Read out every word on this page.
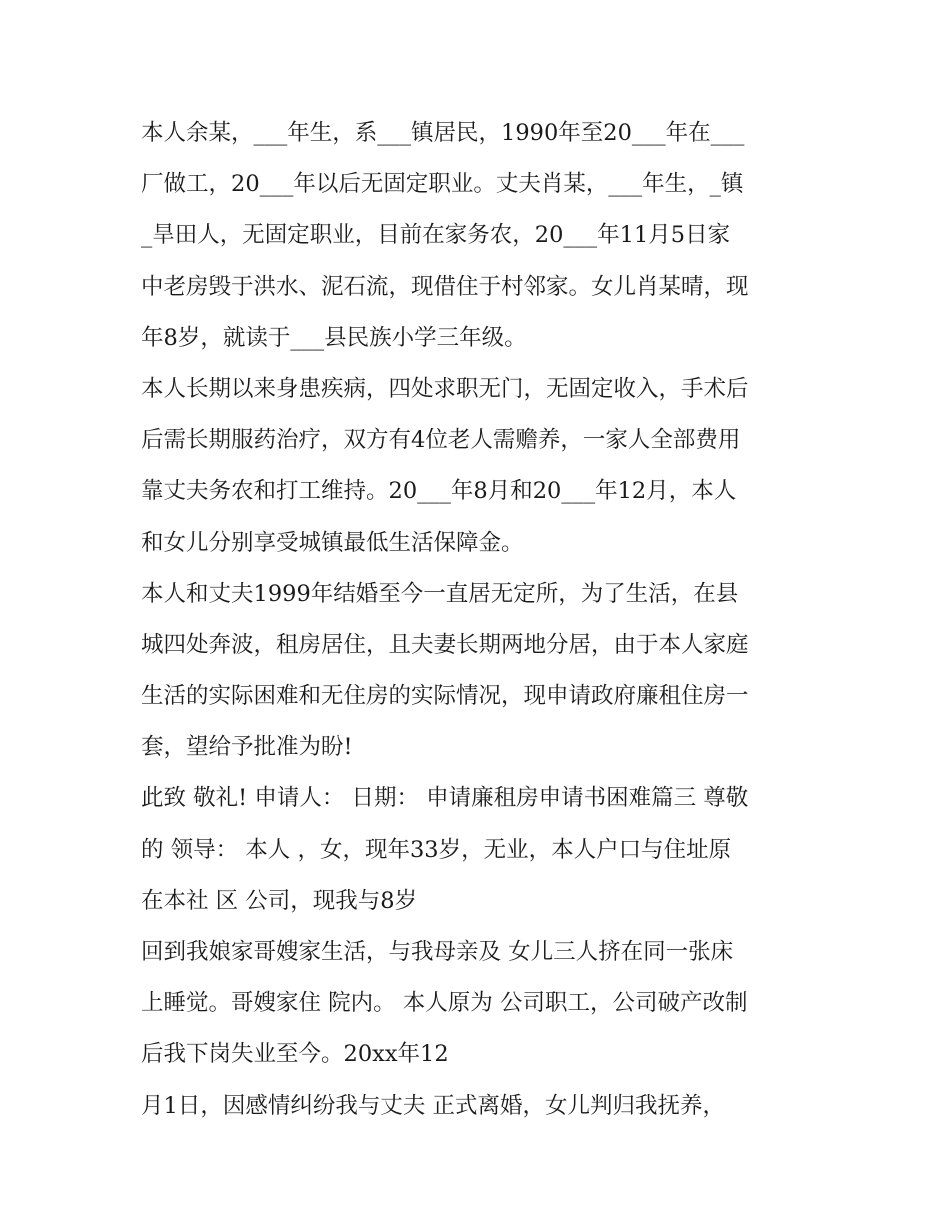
本人余某，___年生，系___镇居民，1990年至20___年在___
厂做工，20___年以后无固定职业。丈夫肖某，___年生，_镇
_旱田人，无固定职业，目前在家务农，20___年11月5日家
中老房毁于洪水、泥石流，现借住于村邻家。女儿肖某晴，现
年8岁，就读于___县民族小学三年级。
本人长期以来身患疾病，四处求职无门，无固定收入，手术后
后需长期服药治疗，双方有4位老人需赡养，一家人全部费用
靠丈夫务农和打工维持。20___年8月和20___年12月，本人
和女儿分别享受城镇最低生活保障金。
本人和丈夫1999年结婚至今一直居无定所，为了生活，在县
城四处奔波，租房居住，且夫妻长期两地分居，由于本人家庭
生活的实际困难和无住房的实际情况，现申请政府廉租住房一
套，望给予批准为盼!
此致 敬礼! 申请人： 日期： 申请廉租房申请书困难篇三 尊敬
的 领导： 本人 ，女，现年33岁，无业，本人户口与住址原
在本社 区 公司，现我与8岁
回到我娘家哥嫂家生活，与我母亲及 女儿三人挤在同一张床
上睡觉。哥嫂家住 院内。 本人原为 公司职工，公司破产改制
后我下岗失业至今。20xx年12
月1日，因感情纠纷我与丈夫 正式离婚，女儿判归我抚养，
